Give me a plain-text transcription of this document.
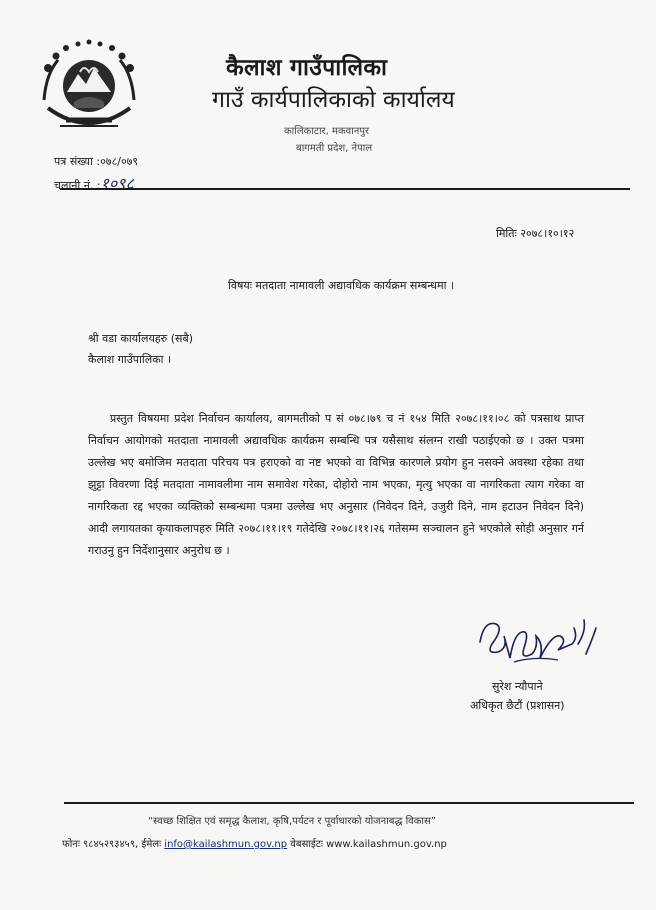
कैलाश गाउँपालिका
गाउँ कार्यपालिकाको कार्यालय
कालिकाटार, मकवानपुर
बागमती प्रदेश, नेपाल
पत्र संख्या :०७८/०७९
चलानी नं. :१०९८
मितिः २०७८।१०।१२
विषयः मतदाता नामावली अद्यावधिक कार्यक्रम सम्बन्धमा ।
श्री वडा कार्यालयहरु (सबै)
कैलाश गाउँपालिका ।
प्रस्तुत विषयमा प्रदेश निर्वाचन कार्यालय, बागमतीको प सं ०७८।७९ च नं १५४ मिति २०७८।११।०८ को पत्रसाथ प्राप्त निर्वाचन आयोगको मतदाता नामावली अद्यावधिक कार्यक्रम सम्बन्धि पत्र यसैसाथ संलग्न राखी पठाईएको छ । उक्त पत्रमा उल्लेख भए बमोजिम मतदाता परिचय पत्र हराएको वा नष्ट भएको वा विभिन्न कारणले प्रयोग हुन नसक्ने अवस्था रहेका तथा झुट्टा विवरणा दिई मतदाता नामावलीमा नाम समावेश गरेका, दोहोरो नाम भएका, मृत्यु भएका वा नागरिकता त्याग गरेका वा नागरिकता रद्द भएका व्यक्तिको सम्बन्धमा पत्रमा उल्लेख भए अनुसार (निवेदन दिने, उजुरी दिने, नाम हटाउन निवेदन दिने) आदी लगायतका कृयाकलापहरु मिति २०७८।११।१९ गतेदेखि २०७८।११।२६ गतेसम्म सञ्चालन हुने भएकोले सोही अनुसार गर्न गराउनु हुन निर्देशानुसार अनुरोध छ ।
सुरेश न्यौपाने
अधिकृत छैटौं (प्रशासन)
“स्वच्छ शिक्षित एवं समृद्ध कैलाश, कृषि,पर्यटन र पूर्वाधारको योजनाबद्ध विकास”
फोनः ९८४५२९३४५९, ईमेलः info@kailashmun.gov.np वेबसाईटः www.kailashmun.gov.np
